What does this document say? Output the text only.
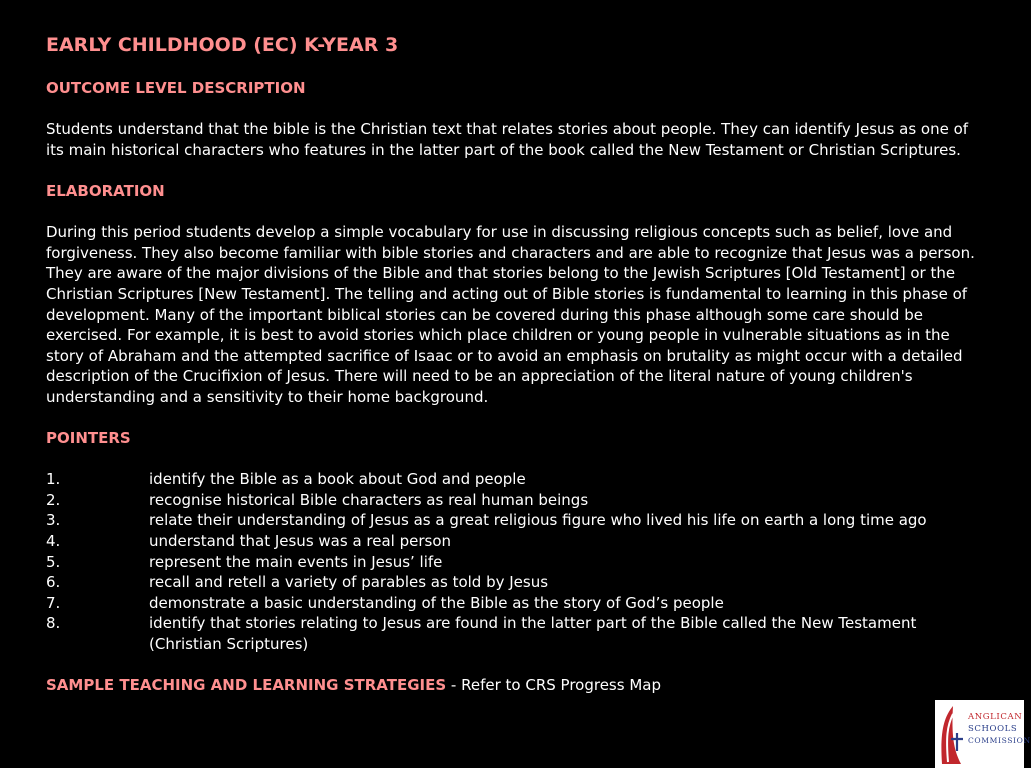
EARLY CHILDHOOD (EC) K-YEAR 3
OUTCOME LEVEL DESCRIPTION
Students understand that the bible is the Christian text that relates stories about people. They can identify Jesus as one of its main historical characters who features in the latter part of the book called the New Testament or Christian Scriptures.
ELABORATION
During this period students develop a simple vocabulary for use in discussing religious concepts such as belief, love and forgiveness. They also become familiar with bible stories and characters and are able to recognize that Jesus was a person. They are aware of the major divisions of the Bible and that stories belong to the Jewish Scriptures [Old Testament] or the Christian Scriptures [New Testament]. The telling and acting out of Bible stories is fundamental to learning in this phase of development. Many of the important biblical stories can be covered during this phase although some care should be exercised. For example, it is best to avoid stories which place children or young people in vulnerable situations as in the story of Abraham and the attempted sacrifice of Isaac or to avoid an emphasis on brutality as might occur with a detailed description of the Crucifixion of Jesus. There will need to be an appreciation of the literal nature of young children's understanding and a sensitivity to their home background.
POINTERS
1.	identify the Bible as a book about God and people
2.	recognise historical Bible characters as real human beings
3.	relate their understanding of Jesus as a great religious figure who lived his life on earth a long time ago
4.	understand that Jesus was a real person
5.	represent the main events in Jesus’ life
6.	recall and retell a variety of parables as told by Jesus
7.	demonstrate a basic understanding of the Bible as the story of God’s people
8.	identify that stories relating to Jesus are found in the latter part of the Bible called the New Testament (Christian Scriptures)
SAMPLE TEACHING AND LEARNING STRATEGIES - Refer to CRS Progress Map
ANGLICAN
SCHOOLS
COMMISSION
